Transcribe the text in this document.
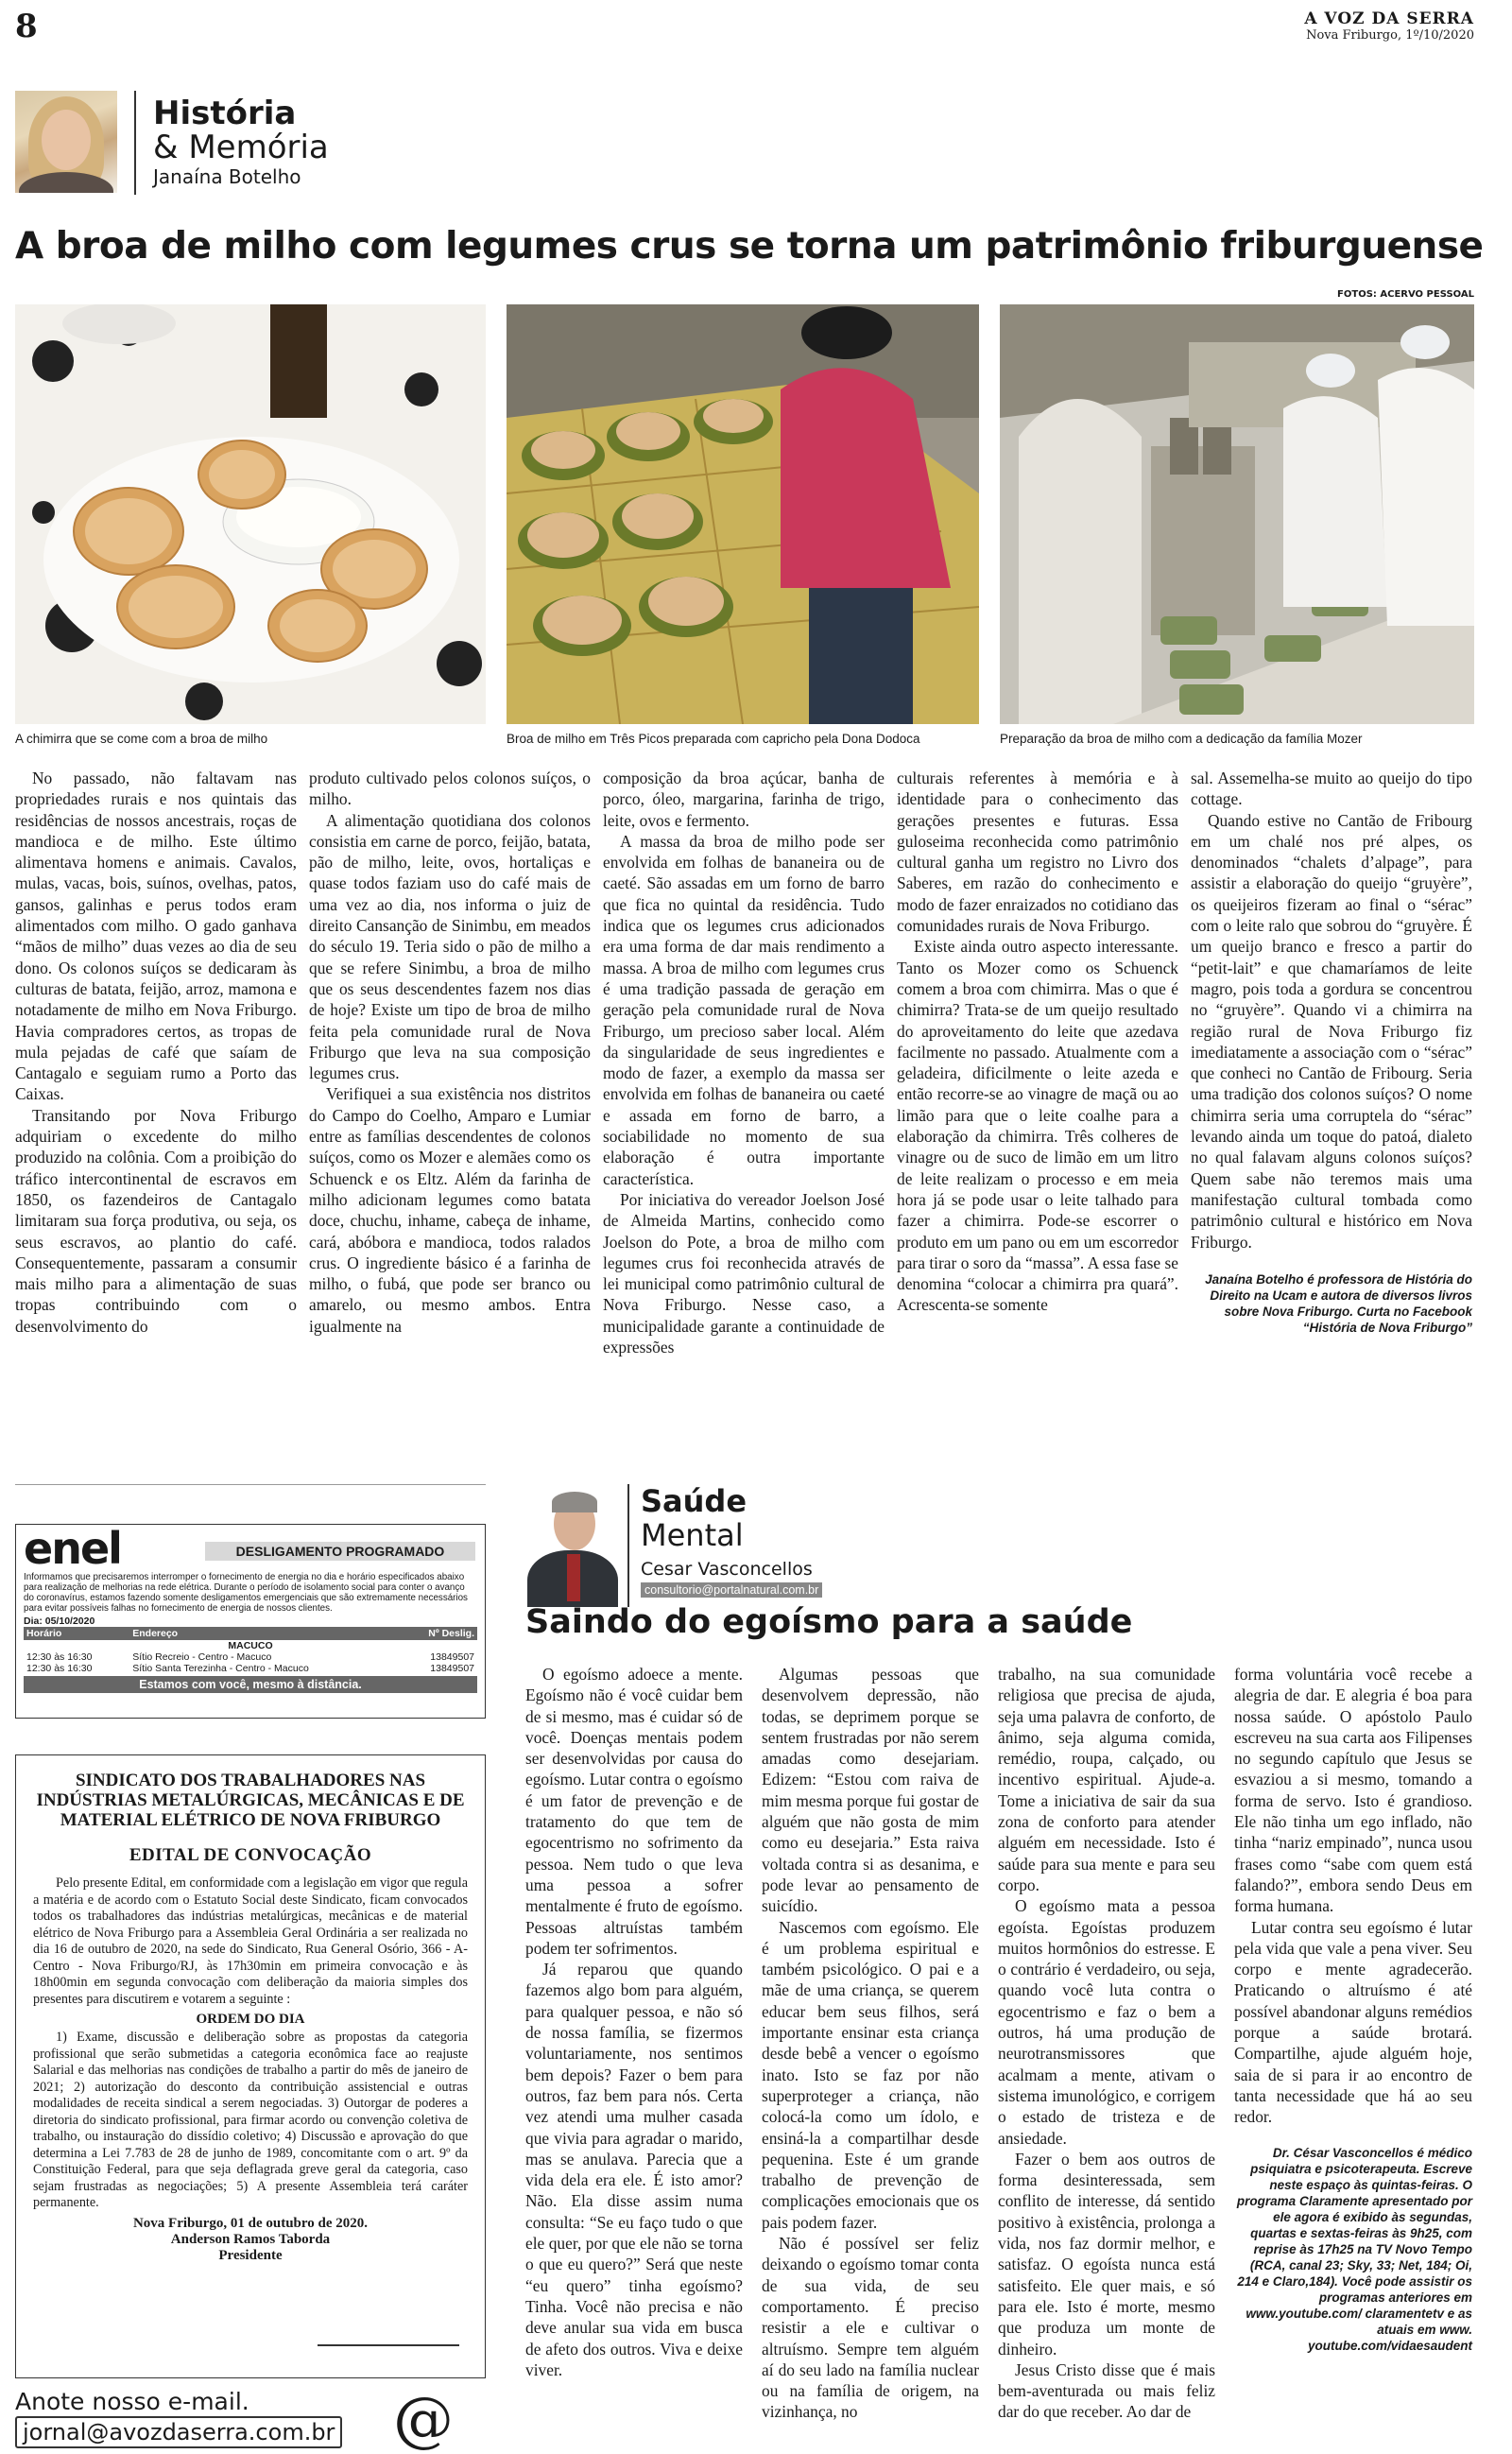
8	A VOZ DA SERRA
Nova Friburgo, 1º/10/2020
História
& Memória
Janaína Botelho
A broa de milho com legumes crus se torna um patrimônio friburguense
FOTOS: ACERVO PESSOAL
A chimirra que se come com a broa de milho	Broa de milho em Três Picos preparada com capricho pela Dona Dodoca	Preparação da broa de milho com a dedicação da família Mozer

No passado, não faltavam nas propriedades rurais e nos quintais das residências de nossos ancestrais, roças de mandioca e de milho. Este último alimentava homens e animais. Cavalos, mulas, vacas, bois, suínos, ovelhas, patos, gansos, galinhas e perus todos eram alimentados com milho. O gado ganhava “mãos de milho” duas vezes ao dia de seu dono. Os colonos suíços se dedicaram às culturas de batata, feijão, arroz, mamona e notadamente de milho em Nova Friburgo. Havia compradores certos, as tropas de mula pejadas de café que saíam de Cantagalo e seguiam rumo a Porto das Caixas.

Transitando por Nova Friburgo adquiriam o excedente do milho produzido na colônia. Com a proibição do tráfico intercontinental de escravos em 1850, os fazendeiros de Cantagalo limitaram sua força produtiva, ou seja, os seus escravos, ao plantio do café. Consequentemente, passaram a consumir mais milho para a alimentação de suas tropas contribuindo com o desenvolvimento do

produto cultivado pelos colonos suíços, o milho.

A alimentação quotidiana dos colonos consistia em carne de porco, feijão, batata, pão de milho, leite, ovos, hortaliças e quase todos faziam uso do café mais de uma vez ao dia, nos informa o juiz de direito Cansanção de Sinimbu, em meados do século 19. Teria sido o pão de milho a que se refere Sinimbu, a broa de milho que os seus descendentes fazem nos dias de hoje? Existe um tipo de broa de milho feita pela comunidade rural de Nova Friburgo que leva na sua composição legumes crus.

Verifiquei a sua existência nos distritos do Campo do Coelho, Amparo e Lumiar entre as famílias descendentes de colonos suíços, como os Mozer e alemães como os Schuenck e os Eltz. Além da farinha de milho adicionam legumes como batata doce, chuchu, inhame, cabeça de inhame, cará, abóbora e mandioca, todos ralados crus. O ingrediente básico é a farinha de milho, o fubá, que pode ser branco ou amarelo, ou mesmo ambos. Entra igualmente na

composição da broa açúcar, banha de porco, óleo, margarina, farinha de trigo, leite, ovos e fermento.

A massa da broa de milho pode ser envolvida em folhas de bananeira ou de caeté. São assadas em um forno de barro que fica no quintal da residência. Tudo indica que os legumes crus adicionados era uma forma de dar mais rendimento a massa. A broa de milho com legumes crus é uma tradição passada de geração em geração pela comunidade rural de Nova Friburgo, um precioso saber local. Além da singularidade de seus ingredientes e modo de fazer, a exemplo da massa ser envolvida em folhas de bananeira ou caeté e assada em forno de barro, a sociabilidade no momento de sua elaboração é outra importante característica.

Por iniciativa do vereador Joelson José de Almeida Martins, conhecido como Joelson do Pote, a broa de milho com legumes crus foi reconhecida através de lei municipal como patrimônio cultural de Nova Friburgo. Nesse caso, a municipalidade garante a continuidade de expressões

culturais referentes à memória e à identidade para o conhecimento das gerações presentes e futuras. Essa guloseima reconhecida como patrimônio cultural ganha um registro no Livro dos Saberes, em razão do conhecimento e modo de fazer enraizados no cotidiano das comunidades rurais de Nova Friburgo.

Existe ainda outro aspecto interessante. Tanto os Mozer como os Schuenck comem a broa com chimirra. Mas o que é chimirra? Trata-se de um queijo resultado do aproveitamento do leite que azedava facilmente no passado. Atualmente com a geladeira, dificilmente o leite azeda e então recorre-se ao vinagre de maçã ou ao limão para que o leite coalhe para a elaboração da chimirra. Três colheres de vinagre ou de suco de limão em um litro de leite realizam o processo e em meia hora já se pode usar o leite talhado para fazer a chimirra. Pode-se escorrer o produto em um pano ou em um escorredor para tirar o soro da “massa”. A essa fase se denomina “colocar a chimirra pra quará”. Acrescenta-se somente

sal. Assemelha-se muito ao queijo do tipo cottage.

Quando estive no Cantão de Fribourg em um chalé nos pré alpes, os denominados “chalets d’alpage”, para assistir a elaboração do queijo “gruyère”, os queijeiros fizeram ao final o “sérac” com o leite ralo que sobrou do “gruyère. É um queijo branco e fresco a partir do “petit-lait” e que chamaríamos de leite magro, pois toda a gordura se concentrou no “gruyère”. Quando vi a chimirra na região rural de Nova Friburgo fiz imediatamente a associação com o “sérac” que conheci no Cantão de Fribourg. Seria uma tradição dos colonos suíços? O nome chimirra seria uma corruptela do “sérac” levando ainda um toque do patoá, dialeto no qual falavam alguns colonos suíços? Quem sabe não teremos mais uma manifestação cultural tombada como patrimônio cultural e histórico em Nova Friburgo.

Janaína Botelho é professora de História do Direito na Ucam e autora de diversos livros sobre Nova Friburgo. Curta no Facebook “História de Nova Friburgo”
enel	DESLIGAMENTO PROGRAMADO
Informamos que precisaremos interromper o fornecimento de energia no dia e horário especificados abaixo para realização de melhorias na rede elétrica. Durante o período de isolamento social para conter o avanço do coronavírus, estamos fazendo somente desligamentos emergenciais que são extremamente necessários para evitar possíveis falhas no fornecimento de energia de nossos clientes.
Dia: 05/10/2020
Horário	Endereço	Nº Deslig.
MACUCO		
12:30 às 16:30	Sítio Recreio - Centro - Macuco	13849507
12:30 às 16:30	Sítio Santa Terezinha - Centro - Macuco	13849507
Estamos com você, mesmo à distância.
SINDICATO DOS TRABALHADORES NAS INDÚSTRIAS METALÚRGICAS, MECÂNICAS E DE MATERIAL ELÉTRICO DE NOVA FRIBURGO
EDITAL DE CONVOCAÇÃO
Pelo presente Edital, em conformidade com a legislação em vigor que regula a matéria e de acordo com o Estatuto Social deste Sindicato, ficam convocados todos os trabalhadores das indústrias metalúrgicas, mecânicas e de material elétrico de Nova Friburgo para a Assembleia Geral Ordinária a ser realizada no dia 16 de outubro de 2020, na sede do Sindicato, Rua General Osório, 366 - A- Centro - Nova Friburgo/RJ, às 17h30min em primeira convocação e às 18h00min em segunda convocação com deliberação da maioria simples dos presentes para discutirem e votarem a seguinte :
ORDEM DO DIA
1) Exame, discussão e deliberação sobre as propostas da categoria profissional que serão submetidas a categoria econômica face ao reajuste Salarial e das melhorias nas condições de trabalho a partir do mês de janeiro de 2021; 2) autorização do desconto da contribuição assistencial e outras modalidades de receita sindical a serem negociadas. 3) Outorgar de poderes a diretoria do sindicato profissional, para firmar acordo ou convenção coletiva de trabalho, ou instauração do dissídio coletivo; 4) Discussão e aprovação do que determina a Lei 7.783 de 28 de junho de 1989, concomitante com o art. 9º da Constituição Federal, para que seja deflagrada greve geral da categoria, caso sejam frustradas as negociações; 5) A presente Assembleia terá caráter permanente.
Nova Friburgo, 01 de outubro de 2020.
Anderson Ramos Taborda
Presidente
Anote nosso e-mail.
jornal@avozdaserra.com.br @
Saúde
Mental
Cesar Vasconcellos
consultorio@portalnatural.com.br
Saindo do egoísmo para a saúde

O egoísmo adoece a mente. Egoísmo não é você cuidar bem de si mesmo, mas é cuidar só de você. Doenças mentais podem ser desenvolvidas por causa do egoísmo. Lutar contra o egoísmo é um fator de prevenção e de tratamento do que tem de egocentrismo no sofrimento da pessoa. Nem tudo o que leva uma pessoa a sofrer mentalmente é fruto de egoísmo. Pessoas altruístas também podem ter sofrimentos.

Já reparou que quando fazemos algo bom para alguém, para qualquer pessoa, e não só de nossa família, se fizermos voluntariamente, nos sentimos bem depois? Fazer o bem para outros, faz bem para nós. Certa vez atendi uma mulher casada que vivia para agradar o marido, mas se anulava. Parecia que a vida dela era ele. É isto amor? Não. Ela disse assim numa consulta: “Se eu faço tudo o que ele quer, por que ele não se torna o que eu quero?” Será que neste “eu quero” tinha egoísmo? Tinha. Você não precisa e não deve anular sua vida em busca de afeto dos outros. Viva e deixe viver.

Algumas pessoas que desenvolvem depressão, não todas, se deprimem porque se sentem frustradas por não serem amadas como desejariam. Edizem: “Estou com raiva de mim mesma porque fui gostar de alguém que não gosta de mim como eu desejaria.” Esta raiva voltada contra si as desanima, e pode levar ao pensamento de suicídio.

Nascemos com egoísmo. Ele é um problema espiritual e também psicológico. O pai e a mãe de uma criança, se querem educar bem seus filhos, será importante ensinar esta criança desde bebê a vencer o egoísmo inato. Isto se faz por não superproteger a criança, não colocá-la como um ídolo, e ensiná-la a compartilhar desde pequenina. Este é um grande trabalho de prevenção de complicações emocionais que os pais podem fazer.

Não é possível ser feliz deixando o egoísmo tomar conta de sua vida, de seu comportamento. É preciso resistir a ele e cultivar o altruísmo. Sempre tem alguém aí do seu lado na família nuclear ou na família de origem, na vizinhança, no

trabalho, na sua comunidade religiosa que precisa de ajuda, seja uma palavra de conforto, de ânimo, seja alguma comida, remédio, roupa, calçado, ou incentivo espiritual. Ajude-a. Tome a iniciativa de sair da sua zona de conforto para atender alguém em necessidade. Isto é saúde para sua mente e para seu corpo.

O egoísmo mata a pessoa egoísta. Egoístas produzem muitos hormônios do estresse. E o contrário é verdadeiro, ou seja, quando você luta contra o egocentrismo e faz o bem a outros, há uma produção de neurotransmissores que acalmam a mente, ativam o sistema imunológico, e corrigem o estado de tristeza e de ansiedade.

Fazer o bem aos outros de forma desinteressada, sem conflito de interesse, dá sentido positivo à existência, prolonga a vida, nos faz dormir melhor, e satisfaz. O egoísta nunca está satisfeito. Ele quer mais, e só para ele. Isto é morte, mesmo que produza um monte de dinheiro.

Jesus Cristo disse que é mais bem-aventurada ou mais feliz dar do que receber. Ao dar de

forma voluntária você recebe a alegria de dar. E alegria é boa para nossa saúde. O apóstolo Paulo escreveu na sua carta aos Filipenses no segundo capítulo que Jesus se esvaziou a si mesmo, tomando a forma de servo. Isto é grandioso. Ele não tinha um ego inflado, não tinha “nariz empinado”, nunca usou frases como “sabe com quem está falando?”, embora sendo Deus em forma humana.

Lutar contra seu egoísmo é lutar pela vida que vale a pena viver. Seu corpo e mente agradecerão. Praticando o altruísmo é até possível abandonar alguns remédios porque a saúde brotará. Compartilhe, ajude alguém hoje, saia de si para ir ao encontro de tanta necessidade que há ao seu redor.

Dr. César Vasconcellos é médico psiquiatra e psicoterapeuta. Escreve neste espaço às quintas-feiras. O programa Claramente apresentado por ele agora é exibido às segundas, quartas e sextas-feiras às 9h25, com reprise às 17h25 na TV Novo Tempo (RCA, canal 23; Sky, 33; Net, 184; Oi, 214 e Claro,184). Você pode assistir os programas anteriores em www.youtube.com/ claramentetv e as atuais em www. youtube.com/vidaesaudent
